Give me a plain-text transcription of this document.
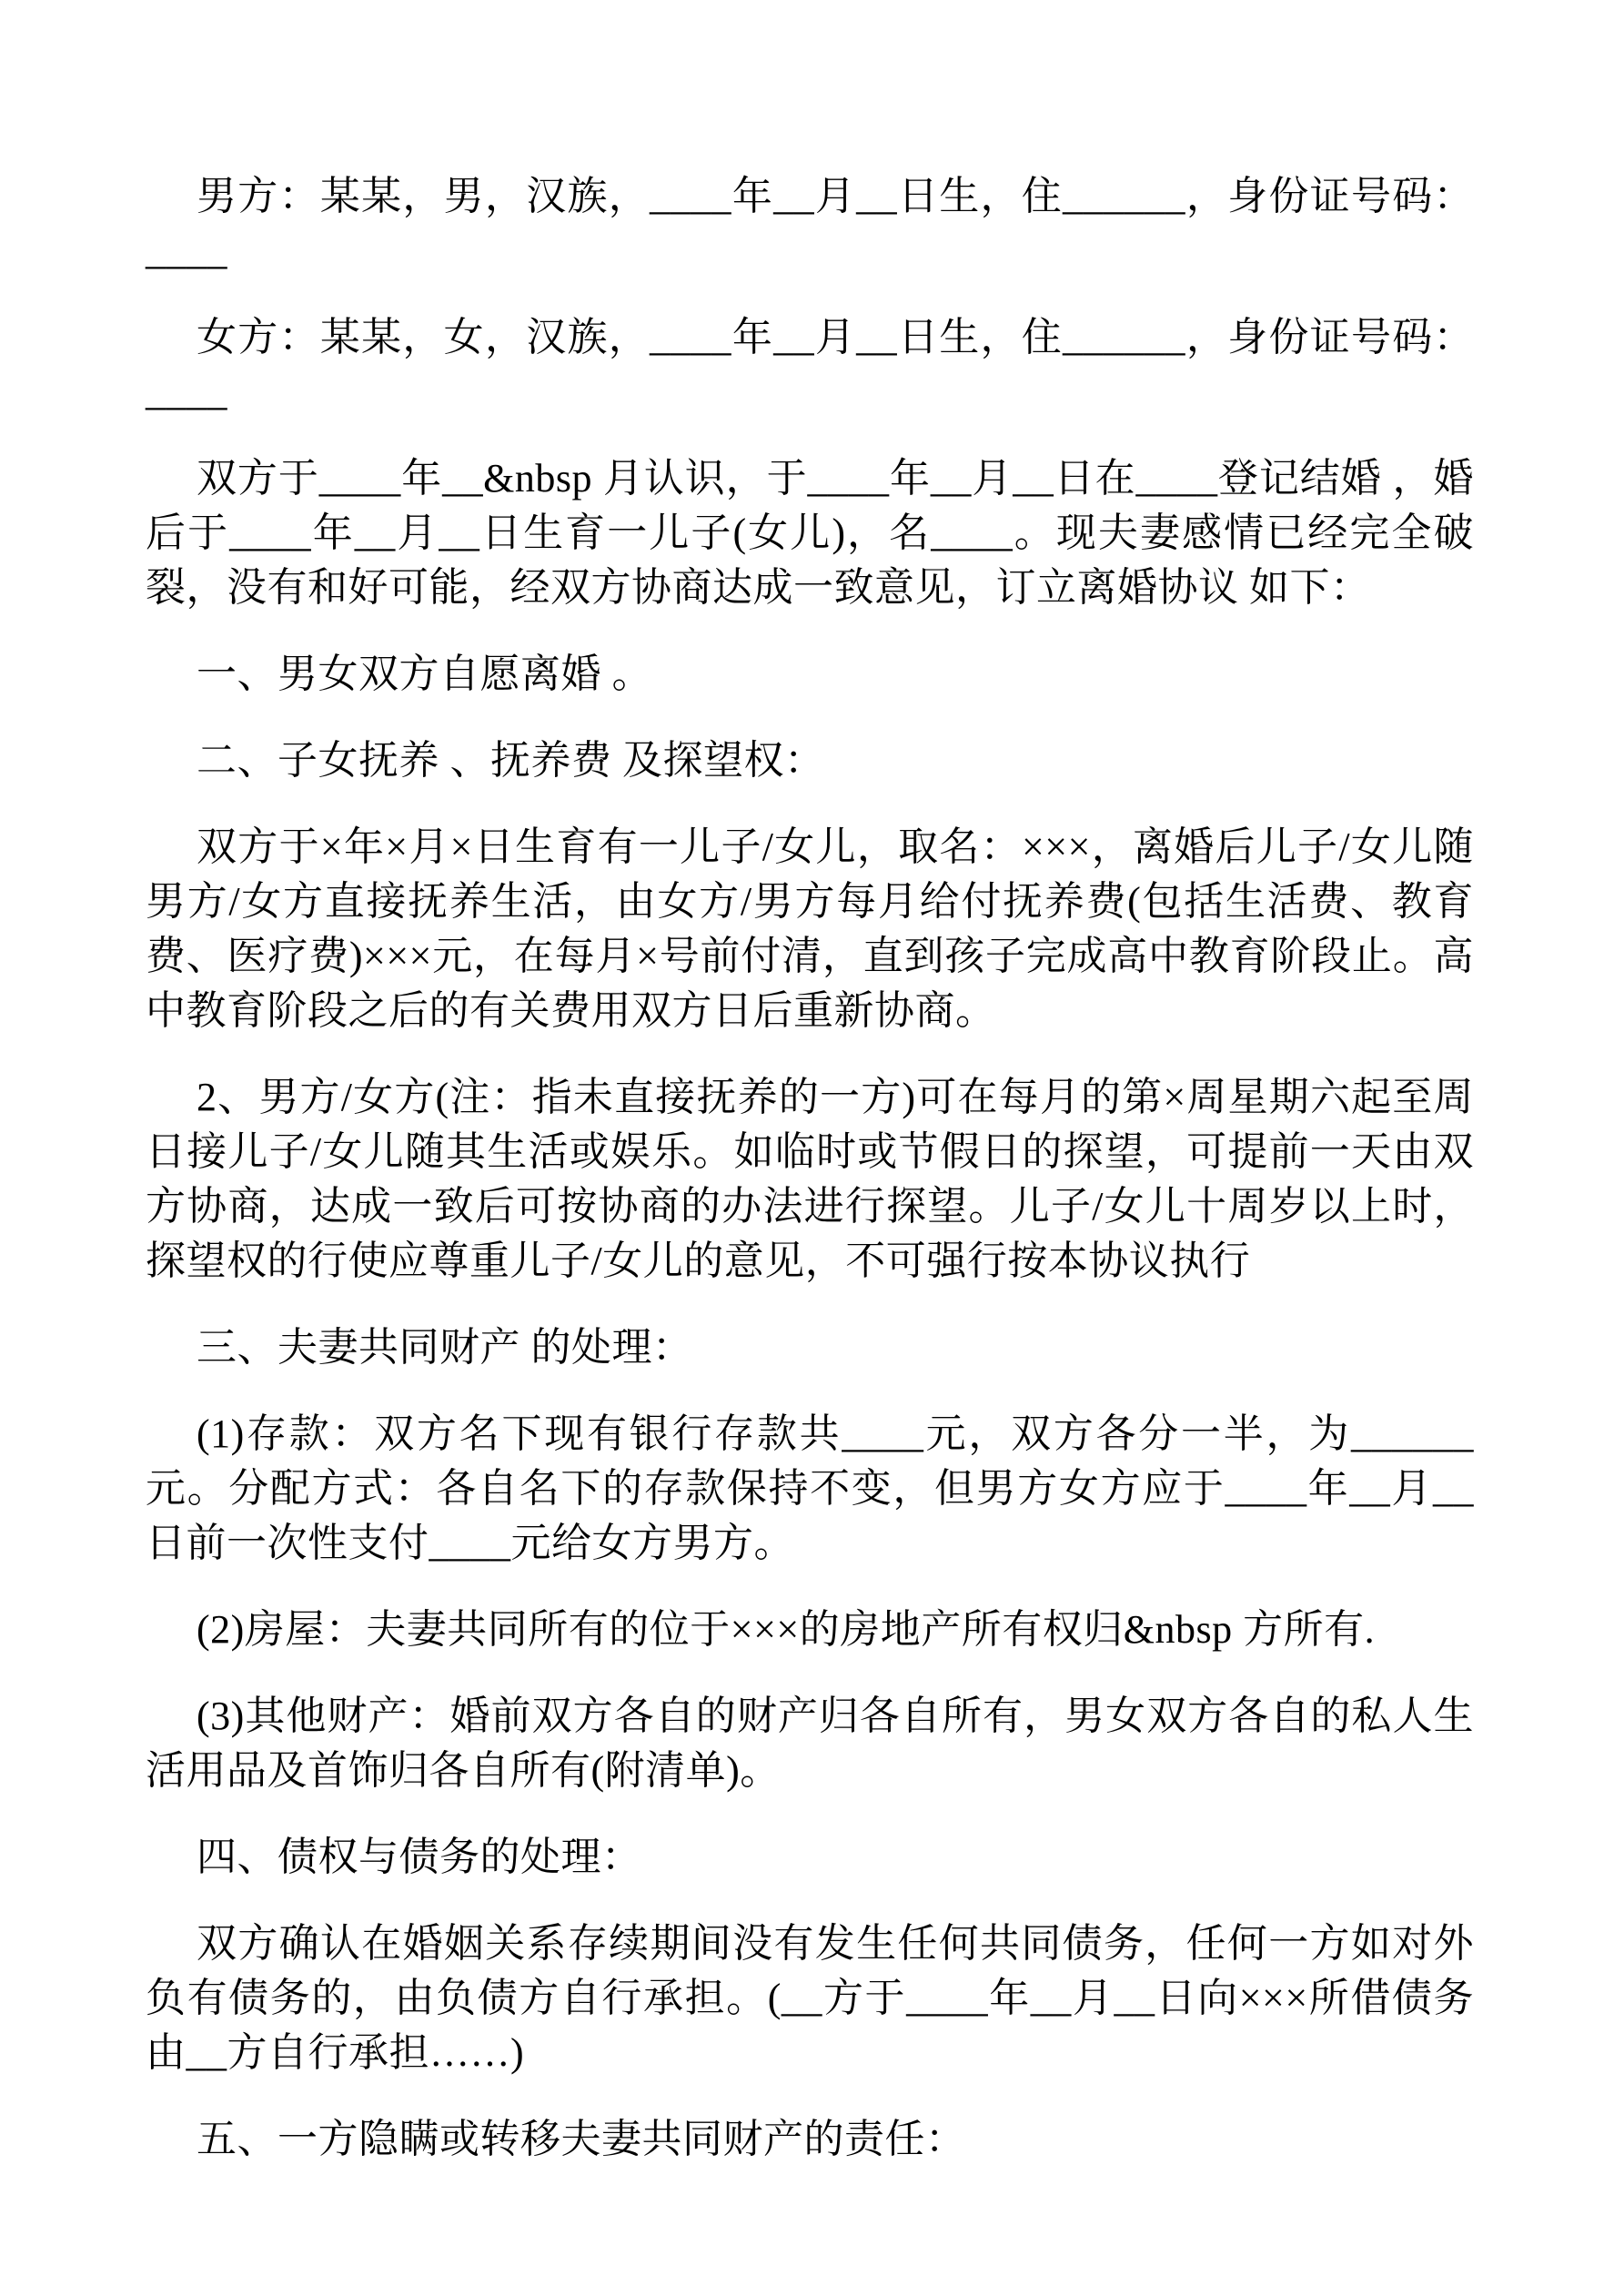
男方：某某，男，汉族，____年__月__日生，住______，身份证号码：____

女方：某某，女，汉族，____年__月__日生，住______，身份证号码：____

双方于____年__&nbsp 月认识，于____年__月__日在____登记结婚 ，婚后于____年__月__日生育一儿子(女儿)，名____。现夫妻感情已经完全破裂，没有和好可能，经双方协商达成一致意见，订立离婚协议 如下：

一、男女双方自愿离婚 。

二、子女抚养 、抚养费 及探望权：

双方于×年×月×日生育有一儿子/女儿，取名：×××，离婚后儿子/女儿随男方/女方直接抚养生活，由女方/男方每月给付抚养费(包括生活费、教育费、医疗费)×××元，在每月×号前付清，直到孩子完成高中教育阶段止。高中教育阶段之后的有关费用双方日后重新协商。

2、男方/女方(注：指未直接抚养的一方)可在每月的第×周星期六起至周日接儿子/女儿随其生活或娱乐。如临时或节假日的探望，可提前一天由双方协商，达成一致后可按协商的办法进行探望。儿子/女儿十周岁以上时，探望权的行使应尊重儿子/女儿的意见，不可强行按本协议执行

三、夫妻共同财产 的处理：

(1)存款：双方名下现有银行存款共____元，双方各分一半，为______元。分配方式：各自名下的存款保持不变，但男方女方应于____年__月__日前一次性支付____元给女方男方。

(2)房屋：夫妻共同所有的位于×××的房地产所有权归&nbsp 方所有.

(3)其他财产：婚前双方各自的财产归各自所有，男女双方各自的私人生活用品及首饰归各自所有(附清单)。

四、债权与债务的处理：

双方确认在婚姻关系存续期间没有发生任何共同债务，任何一方如对外负有债务的，由负债方自行承担。(__方于____年__月__日向×××所借债务由__方自行承担……)

五、一方隐瞒或转移夫妻共同财产的责任：
